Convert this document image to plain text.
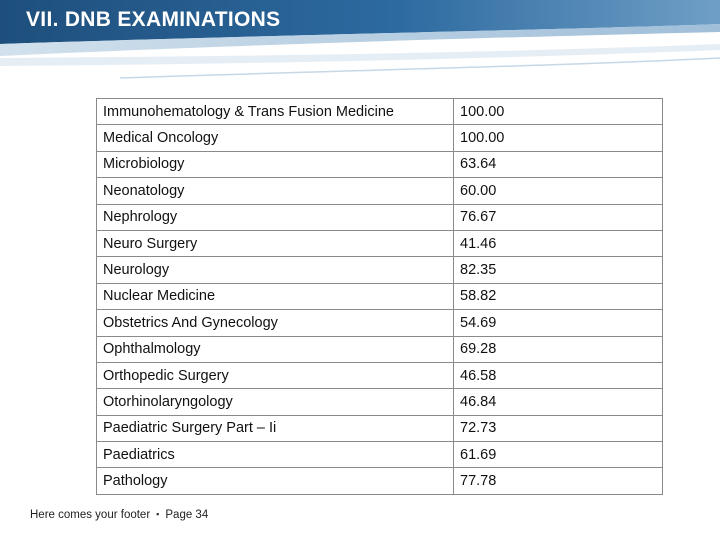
VII. DNB EXAMINATIONS
Immunohematology & Trans Fusion Medicine	100.00
Medical Oncology	100.00
Microbiology	63.64
Neonatology	60.00
Nephrology	76.67
Neuro Surgery	41.46
Neurology	82.35
Nuclear Medicine	58.82
Obstetrics And Gynecology	54.69
Ophthalmology	69.28
Orthopedic Surgery	46.58
Otorhinolaryngology	46.84
Paediatric Surgery Part – Ii	72.73
Paediatrics	61.69
Pathology	77.78
Here comes your footer ▪ Page 34
